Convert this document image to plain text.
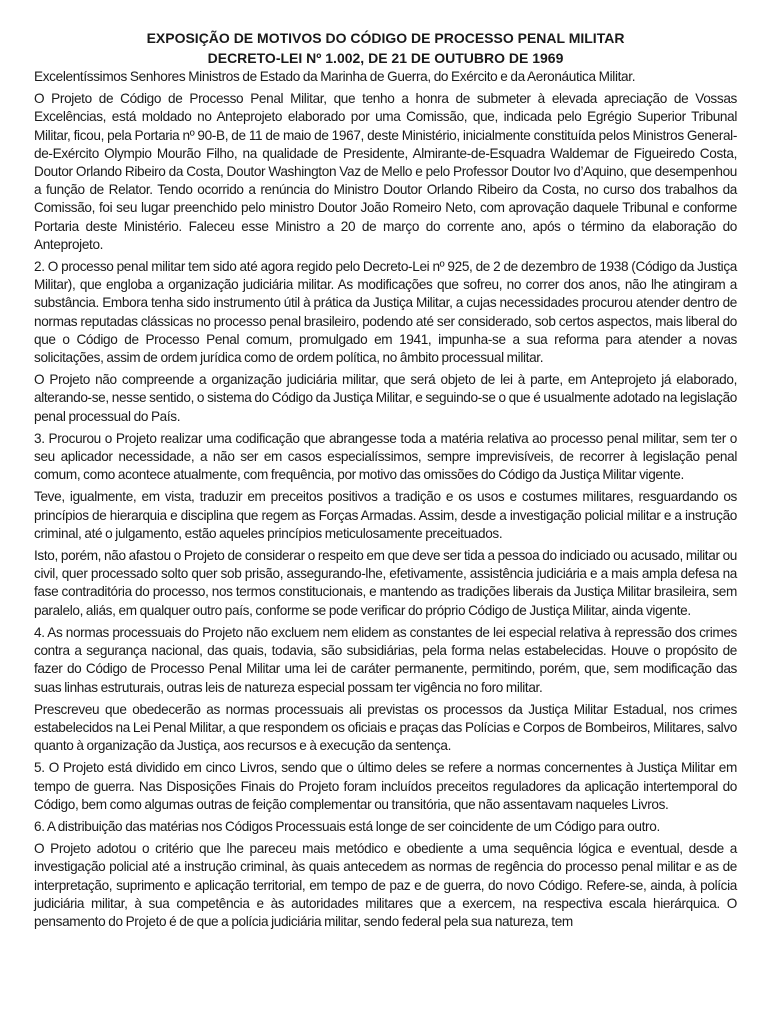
EXPOSIÇÃO DE MOTIVOS DO CÓDIGO DE PROCESSO PENAL MILITAR
DECRETO-LEI Nº 1.002, DE 21 DE OUTUBRO DE 1969

Excelentíssimos Senhores Ministros de Estado da Marinha de Guerra, do Exército e da Aeronáutica Militar.

O Projeto de Código de Processo Penal Militar, que tenho a honra de submeter à elevada apreciação de Vossas Excelências, está moldado no Anteprojeto elaborado por uma Comissão, que, indicada pelo Egrégio Superior Tribunal Militar, ficou, pela Portaria nº 90-B, de 11 de maio de 1967, deste Ministério, inicialmente constituída pelos Ministros General-de-Exército Olympio Mourão Filho, na qualidade de Presidente, Almirante-de-Esquadra Waldemar de Figueiredo Costa, Doutor Orlando Ribeiro da Costa, Doutor Washington Vaz de Mello e pelo Professor Doutor Ivo d’Aquino, que desempenhou a função de Relator. Tendo ocorrido a renúncia do Ministro Doutor Orlando Ribeiro da Costa, no curso dos trabalhos da Comissão, foi seu lugar preenchido pelo ministro Doutor João Romeiro Neto, com aprovação daquele Tribunal e conforme Portaria deste Ministério. Faleceu esse Ministro a 20 de março do corrente ano, após o término da elaboração do Anteprojeto.

2. O processo penal militar tem sido até agora regido pelo Decreto-Lei nº 925, de 2 de dezembro de 1938 (Código da Justiça Militar), que engloba a organização judiciária militar. As modificações que sofreu, no correr dos anos, não lhe atingiram a substância. Embora tenha sido instrumento útil à prática da Justiça Militar, a cujas necessidades procurou atender dentro de normas reputadas clássicas no processo penal brasileiro, podendo até ser considerado, sob certos aspectos, mais liberal do que o Código de Processo Penal comum, promulgado em 1941, impunha-se a sua reforma para atender a novas solicitações, assim de ordem jurídica como de ordem política, no âmbito processual militar.

O Projeto não compreende a organização judiciária militar, que será objeto de lei à parte, em Anteprojeto já elaborado, alterando-se, nesse sentido, o sistema do Código da Justiça Militar, e seguindo-se o que é usualmente adotado na legislação penal processual do País.

3. Procurou o Projeto realizar uma codificação que abrangesse toda a matéria relativa ao processo penal militar, sem ter o seu aplicador necessidade, a não ser em casos especialíssimos, sempre imprevisíveis, de recorrer à legislação penal comum, como acontece atualmente, com frequência, por motivo das omissões do Código da Justiça Militar vigente.

Teve, igualmente, em vista, traduzir em preceitos positivos a tradição e os usos e costumes militares, resguardando os princípios de hierarquia e disciplina que regem as Forças Armadas. Assim, desde a investigação policial militar e a instrução criminal, até o julgamento, estão aqueles princípios meticulosamente preceituados.

Isto, porém, não afastou o Projeto de considerar o respeito em que deve ser tida a pessoa do indiciado ou acusado, militar ou civil, quer processado solto quer sob prisão, assegurando-lhe, efetivamente, assistência judiciária e a mais ampla defesa na fase contraditória do processo, nos termos constitucionais, e mantendo as tradições liberais da Justiça Militar brasileira, sem paralelo, aliás, em qualquer outro país, conforme se pode verificar do próprio Código de Justiça Militar, ainda vigente.

4. As normas processuais do Projeto não excluem nem elidem as constantes de lei especial relativa à repressão dos crimes contra a segurança nacional, das quais, todavia, são subsidiárias, pela forma nelas estabelecidas. Houve o propósito de fazer do Código de Processo Penal Militar uma lei de caráter permanente, permitindo, porém, que, sem modificação das suas linhas estruturais, outras leis de natureza especial possam ter vigência no foro militar.

Prescreveu que obedecerão as normas processuais ali previstas os processos da Justiça Militar Estadual, nos crimes estabelecidos na Lei Penal Militar, a que respondem os oficiais e praças das Polícias e Corpos de Bombeiros, Militares, salvo quanto à organização da Justiça, aos recursos e à execução da sentença.

5. O Projeto está dividido em cinco Livros, sendo que o último deles se refere a normas concernentes à Justiça Militar em tempo de guerra. Nas Disposições Finais do Projeto foram incluídos preceitos reguladores da aplicação intertemporal do Código, bem como algumas outras de feição complementar ou transitória, que não assentavam naqueles Livros.

6. A distribuição das matérias nos Códigos Processuais está longe de ser coincidente de um Código para outro.

O Projeto adotou o critério que lhe pareceu mais metódico e obediente a uma sequência lógica e eventual, desde a investigação policial até a instrução criminal, às quais antecedem as normas de regência do processo penal militar e as de interpretação, suprimento e aplicação territorial, em tempo de paz e de guerra, do novo Código. Refere-se, ainda, à polícia judiciária militar, à sua competência e às autoridades militares que a exercem, na respectiva escala hierárquica. O pensamento do Projeto é de que a polícia judiciária militar, sendo federal pela sua natureza, tem
